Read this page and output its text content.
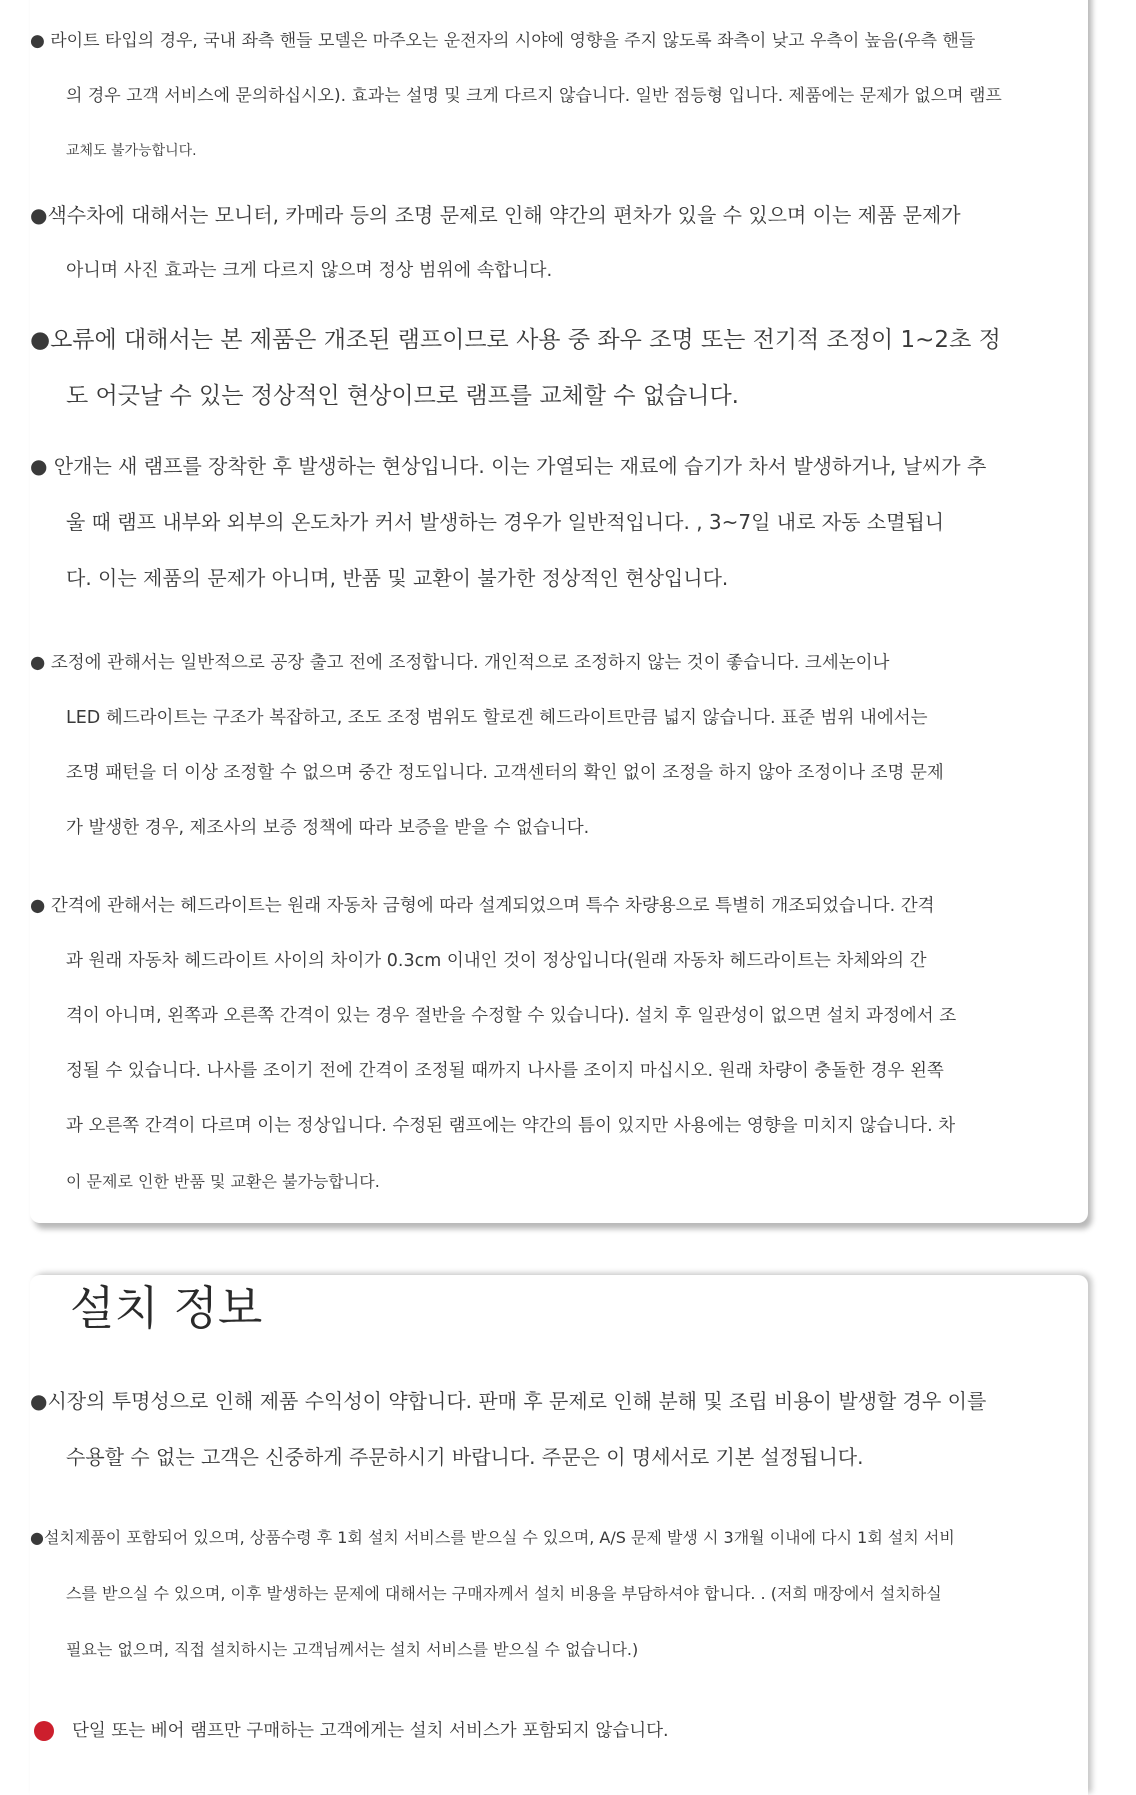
● 라이트 타입의 경우, 국내 좌측 핸들 모델은 마주오는 운전자의 시야에 영향을 주지 않도록 좌측이 낮고 우측이 높음(우측 핸들
의 경우 고객 서비스에 문의하십시오). 효과는 설명 및 크게 다르지 않습니다. 일반 점등형 입니다. 제품에는 문제가 없으며 램프
교체도 불가능합니다.

●색수차에 대해서는 모니터, 카메라 등의 조명 문제로 인해 약간의 편차가 있을 수 있으며 이는 제품 문제가
아니며 사진 효과는 크게 다르지 않으며 정상 범위에 속합니다.

●오류에 대해서는 본 제품은 개조된 램프이므로 사용 중 좌우 조명 또는 전기적 조정이 1~2초 정
도 어긋날 수 있는 정상적인 현상이므로 램프를 교체할 수 없습니다.

● 안개는 새 램프를 장착한 후 발생하는 현상입니다. 이는 가열되는 재료에 습기가 차서 발생하거나, 날씨가 추
울 때 램프 내부와 외부의 온도차가 커서 발생하는 경우가 일반적입니다. , 3~7일 내로 자동 소멸됩니
다. 이는 제품의 문제가 아니며, 반품 및 교환이 불가한 정상적인 현상입니다.

● 조정에 관해서는 일반적으로 공장 출고 전에 조정합니다. 개인적으로 조정하지 않는 것이 좋습니다. 크세논이나
LED 헤드라이트는 구조가 복잡하고, 조도 조정 범위도 할로겐 헤드라이트만큼 넓지 않습니다. 표준 범위 내에서는
조명 패턴을 더 이상 조정할 수 없으며 중간 정도입니다. 고객센터의 확인 없이 조정을 하지 않아 조정이나 조명 문제
가 발생한 경우, 제조사의 보증 정책에 따라 보증을 받을 수 없습니다.

● 간격에 관해서는 헤드라이트는 원래 자동차 금형에 따라 설계되었으며 특수 차량용으로 특별히 개조되었습니다. 간격
과 원래 자동차 헤드라이트 사이의 차이가 0.3cm 이내인 것이 정상입니다(원래 자동차 헤드라이트는 차체와의 간
격이 아니며, 왼쪽과 오른쪽 간격이 있는 경우 절반을 수정할 수 있습니다). 설치 후 일관성이 없으면 설치 과정에서 조
정될 수 있습니다. 나사를 조이기 전에 간격이 조정될 때까지 나사를 조이지 마십시오. 원래 차량이 충돌한 경우 왼쪽
과 오른쪽 간격이 다르며 이는 정상입니다. 수정된 램프에는 약간의 틈이 있지만 사용에는 영향을 미치지 않습니다. 차
이 문제로 인한 반품 및 교환은 불가능합니다.

설치 정보

●시장의 투명성으로 인해 제품 수익성이 약합니다. 판매 후 문제로 인해 분해 및 조립 비용이 발생할 경우 이를
수용할 수 없는 고객은 신중하게 주문하시기 바랍니다. 주문은 이 명세서로 기본 설정됩니다.

●설치제품이 포함되어 있으며, 상품수령 후 1회 설치 서비스를 받으실 수 있으며, A/S 문제 발생 시 3개월 이내에 다시 1회 설치 서비
스를 받으실 수 있으며, 이후 발생하는 문제에 대해서는 구매자께서 설치 비용을 부담하셔야 합니다. . (저희 매장에서 설치하실
필요는 없으며, 직접 설치하시는 고객님께서는 설치 서비스를 받으실 수 없습니다.)

단일 또는 베어 램프만 구매하는 고객에게는 설치 서비스가 포함되지 않습니다.
